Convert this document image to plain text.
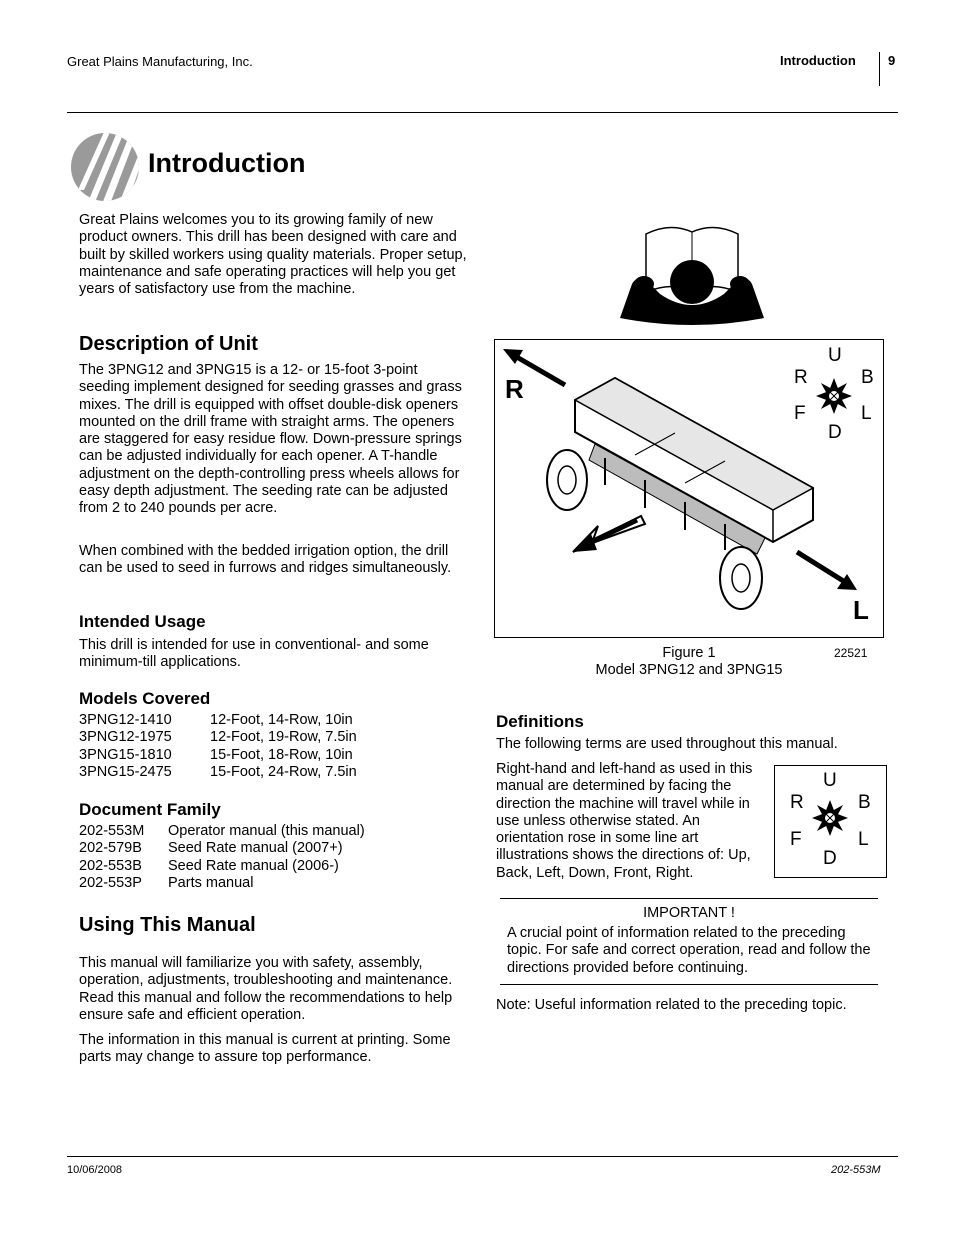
Great Plains Manufacturing, Inc.	Introduction 9
Introduction

Great Plains welcomes you to its growing family of new product owners. This drill has been designed with care and built by skilled workers using quality materials. Proper setup, maintenance and safe operating practices will help you get years of satisfactory use from the machine.

Description of Unit

The 3PNG12 and 3PNG15 is a 12- or 15-foot 3-point seeding implement designed for seeding grasses and grass mixes. The drill is equipped with offset double-disk openers mounted on the drill frame with straight arms. The openers are staggered for easy residue flow. Down-pressure springs can be adjusted individually for each opener. A T-handle adjustment on the depth-controlling press wheels allows for easy depth adjustment. The seeding rate can be adjusted from 2 to 240 pounds per acre.

When combined with the bedded irrigation option, the drill can be used to seed in furrows and ridges simultaneously.

Intended Usage

This drill is intended for use in conventional- and some minimum-till applications.

Models Covered
3PNG12-1410	12-Foot, 14-Row, 10in
3PNG12-1975	12-Foot, 19-Row, 7.5in
3PNG15-1810	15-Foot, 18-Row, 10in
3PNG15-2475	15-Foot, 24-Row, 7.5in
Document Family
202-553M Operator manual (this manual)
202-579B Seed Rate manual (2007+)
202-553B Seed Rate manual (2006-)
202-553P Parts manual
Using This Manual

This manual will familiarize you with safety, assembly, operation, adjustments, troubleshooting and maintenance. Read this manual and follow the recommendations to help ensure safe and efficient operation.

The information in this manual is current at printing. Some parts may change to assure top performance.

R
L
U
R	B
F	L
D
Figure 1
Model 3PNG12 and 3PNG15
22521
Definitions

The following terms are used throughout this manual.

Right-hand and left-hand as used in this manual are determined by facing the direction the machine will travel while in use unless otherwise stated. An orientation rose in some line art illustrations shows the directions of: Up, Back, Left, Down, Front, Right.

U
R	B
F	L
D
IMPORTANT !

A crucial point of information related to the preceding topic. For safe and correct operation, read and follow the directions provided before continuing.

Note: Useful information related to the preceding topic.

10/06/2008	202-553M
